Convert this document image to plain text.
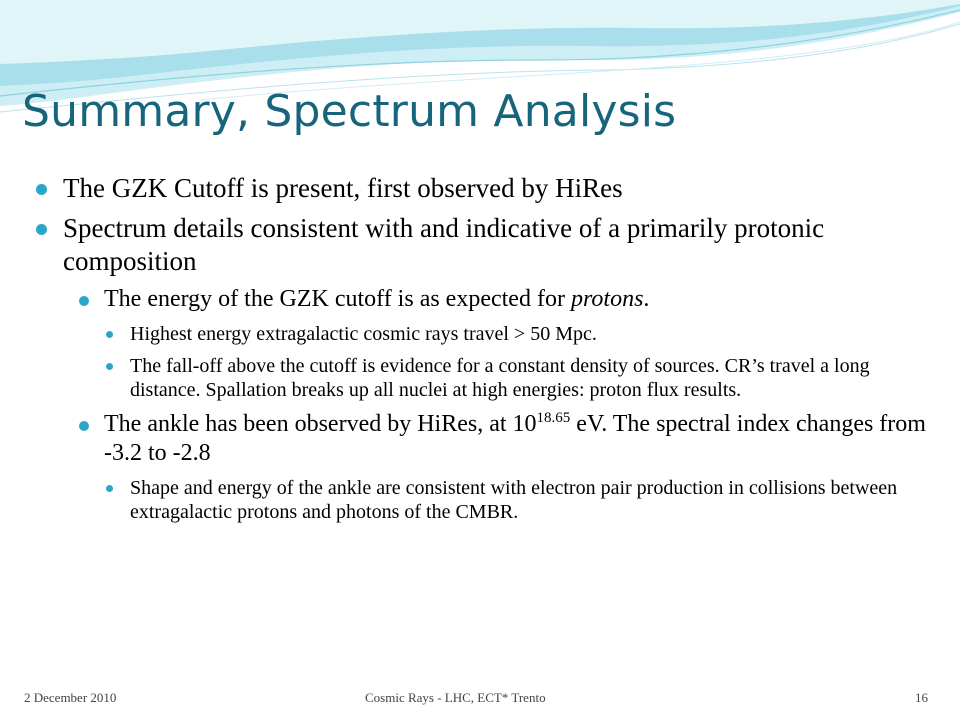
Summary, Spectrum Analysis
The GZK Cutoff is present, first observed by HiRes
Spectrum details consistent with and indicative of a primarily protonic composition
The energy of the GZK cutoff is as expected for protons.
Highest energy extragalactic cosmic rays travel > 50 Mpc.
The fall-off above the cutoff is evidence for a constant density of sources. CR’s travel a long distance. Spallation breaks up all nuclei at high energies: proton flux results.
The ankle has been observed by HiRes, at $10^{18.65}$ eV. The spectral index changes from -3.2 to -2.8
Shape and energy of the ankle are consistent with electron pair production in collisions between extragalactic protons and photons of the CMBR.
2 December 2010	Cosmic Rays - LHC, ECT* Trento	16
